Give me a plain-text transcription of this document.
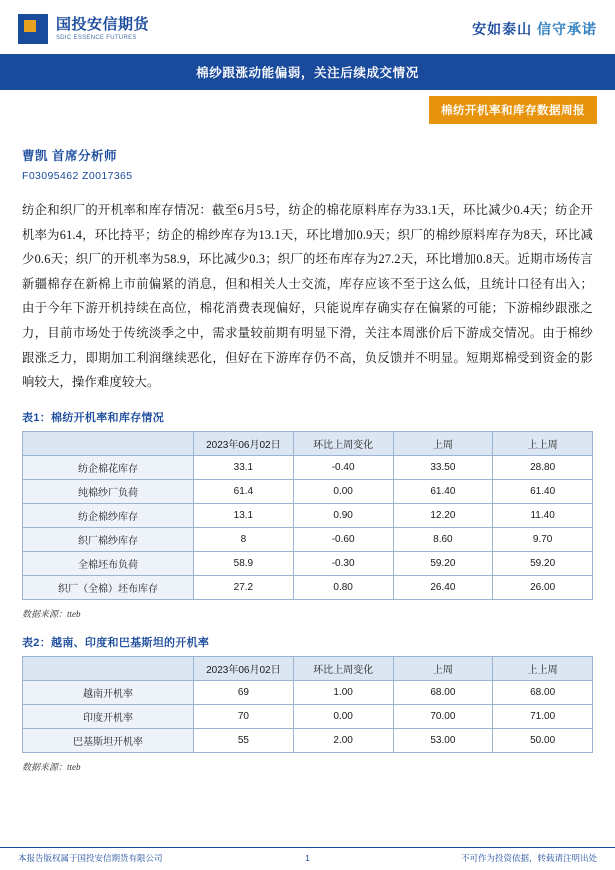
国投安信期货
SDIC ESSENCE FUTURES
安如泰山 信守承诺
棉纱跟涨动能偏弱，关注后续成交情况
棉纺开机率和库存数据周报
曹凯 首席分析师
F03095462 Z0017365
纺企和织厂的开机率和库存情况：截至6月5号，纺企的棉花原料库存为33.1天，环比减少0.4天；纺企开机率为61.4，环比持平；纺企的棉纱库存为13.1天，环比增加0.9天；织厂的棉纱原料库存为8天，环比减少0.6天；织厂的开机率为58.9，环比减少0.3；织厂的坯布库存为27.2天，环比增加0.8天。近期市场传言新疆棉存在新棉上市前偏紧的消息，但和相关人士交流，库存应该不至于这么低，且统计口径有出入；由于今年下游开机持续在高位，棉花消费表现偏好，只能说库存确实存在偏紧的可能；下游棉纱跟涨之力，目前市场处于传统淡季之中，需求量较前期有明显下滑，关注本周涨价后下游成交情况。由于棉纱跟涨乏力，即期加工利润继续恶化，但好在下游库存仍不高，负反馈并不明显。短期郑棉受到资金的影响较大，操作难度较大。
表1：棉纺开机率和库存情况
	2023年06月02日	环比上周变化	上周	上上周
纺企棉花库存	33.1	-0.40	33.50	28.80
纯棉纱厂负荷	61.4	0.00	61.40	61.40
纺企棉纱库存	13.1	0.90	12.20	11.40
织厂棉纱库存	8	-0.60	8.60	9.70
全棉坯布负荷	58.9	-0.30	59.20	59.20
织厂（全棉）坯布库存	27.2	0.80	26.40	26.00
数据来源：tteb
表2：越南、印度和巴基斯坦的开机率
	2023年06月02日	环比上周变化	上周	上上周
越南开机率	69	1.00	68.00	68.00
印度开机率	70	0.00	70.00	71.00
巴基斯坦开机率	55	2.00	53.00	50.00
数据来源：tteb
本报告版权属于国投安信期货有限公司	1	不可作为投资依据，转载请注明出处
